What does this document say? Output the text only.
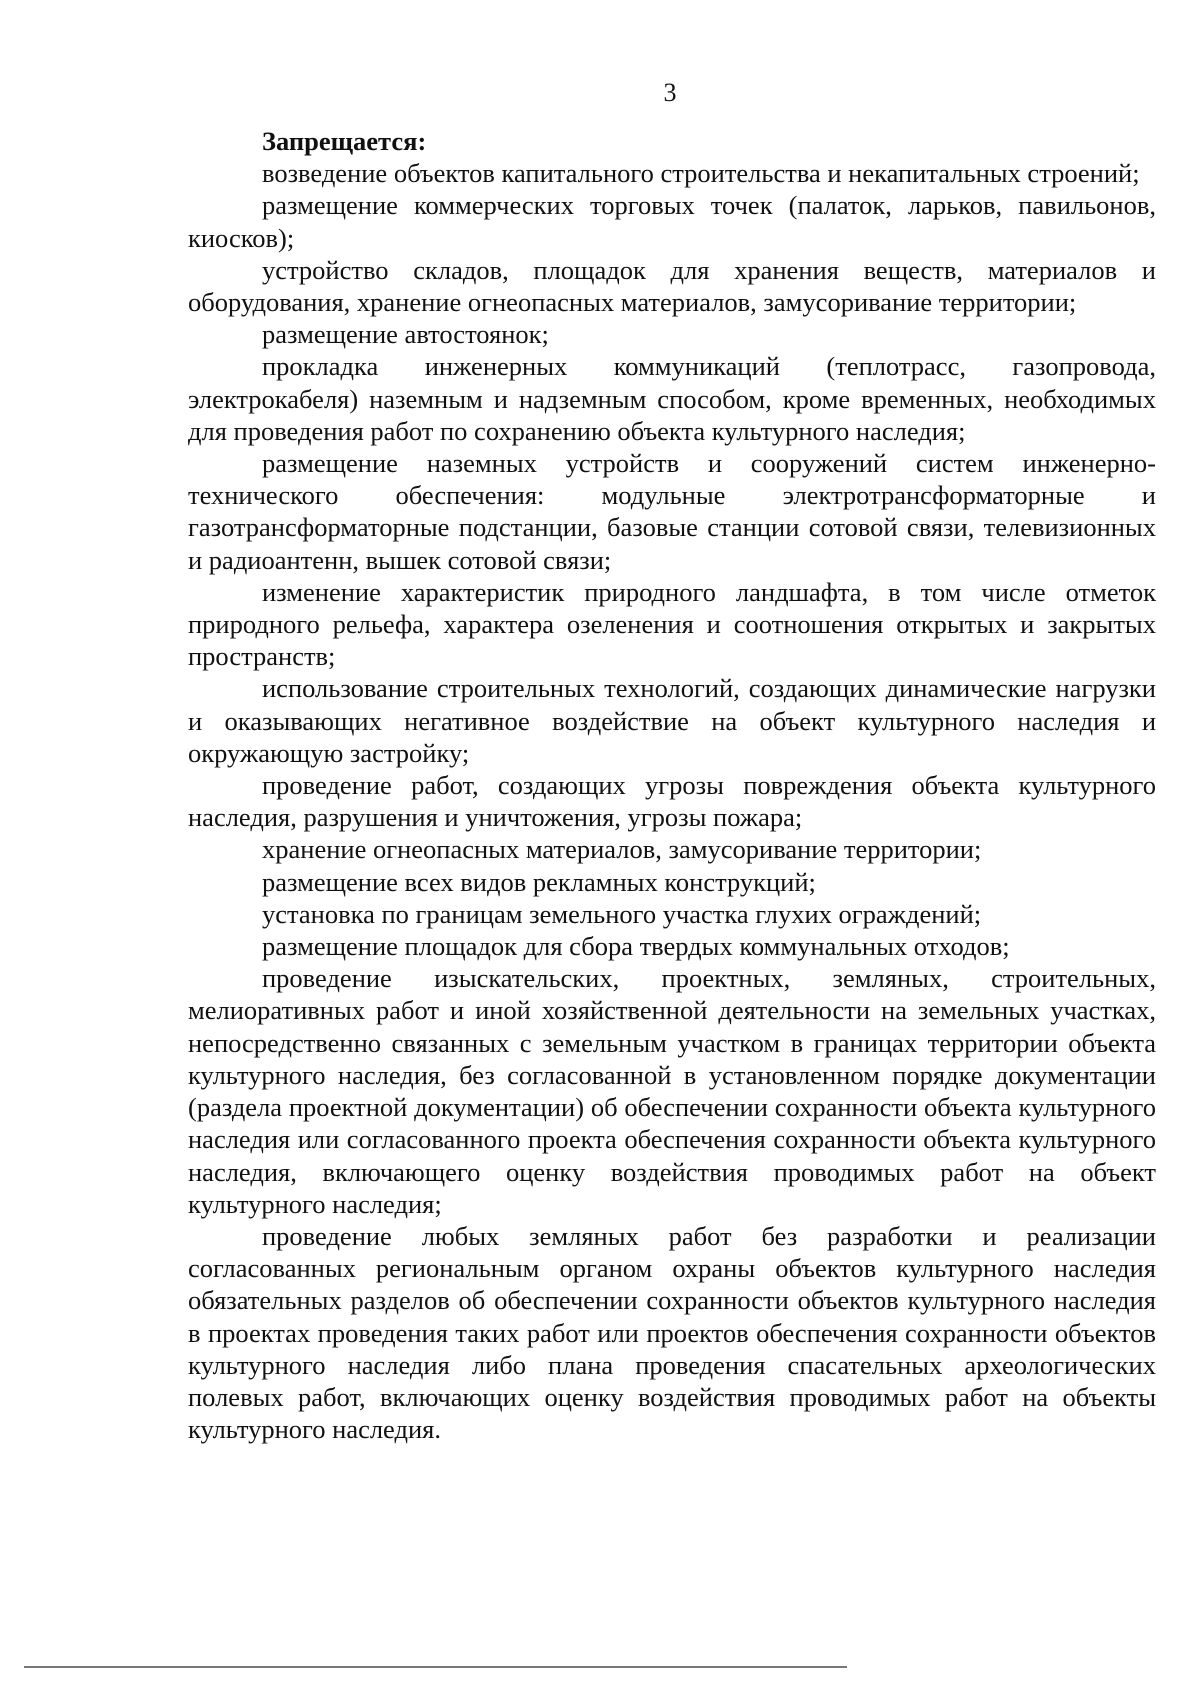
3

Запрещается:

возведение объектов капитального строительства и некапитальных строений;

размещение коммерческих торговых точек (палаток, ларьков, павильонов, киосков);

устройство складов, площадок для хранения веществ, материалов и оборудования, хранение огнеопасных материалов, замусоривание территории;

размещение автостоянок;

прокладка инженерных коммуникаций (теплотрасс, газопровода, электрокабеля) наземным и надземным способом, кроме временных, необходимых для проведения работ по сохранению объекта культурного наследия;

размещение наземных устройств и сооружений систем инженерно-технического обеспечения: модульные электротрансформаторные и газотрансформаторные подстанции, базовые станции сотовой связи, телевизионных и радиоантенн, вышек сотовой связи;

изменение характеристик природного ландшафта, в том числе отметок природного рельефа, характера озеленения и соотношения открытых и закрытых пространств;

использование строительных технологий, создающих динамические нагрузки и оказывающих негативное воздействие на объект культурного наследия и окружающую застройку;

проведение работ, создающих угрозы повреждения объекта культурного наследия, разрушения и уничтожения, угрозы пожара;

хранение огнеопасных материалов, замусоривание территории;

размещение всех видов рекламных конструкций;

установка по границам земельного участка глухих ограждений;

размещение площадок для сбора твердых коммунальных отходов;

проведение изыскательских, проектных, земляных, строительных, мелиоративных работ и иной хозяйственной деятельности на земельных участках, непосредственно связанных с земельным участком в границах территории объекта культурного наследия, без согласованной в установленном порядке документации (раздела проектной документации) об обеспечении сохранности объекта культурного наследия или согласованного проекта обеспечения сохранности объекта культурного наследия, включающего оценку воздействия проводимых работ на объект культурного наследия;

проведение любых земляных работ без разработки и реализации согласованных региональным органом охраны объектов культурного наследия обязательных разделов об обеспечении сохранности объектов культурного наследия в проектах проведения таких работ или проектов обеспечения сохранности объектов культурного наследия либо плана проведения спасательных археологических полевых работ, включающих оценку воздействия проводимых работ на объекты культурного наследия.
